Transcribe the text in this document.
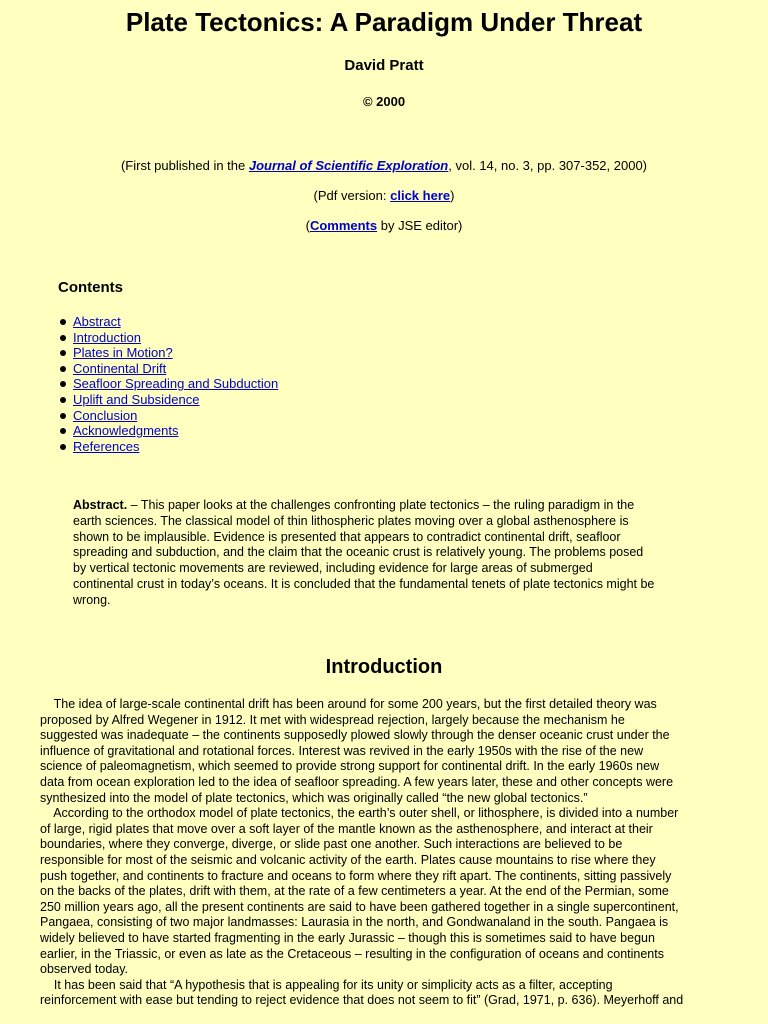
Plate Tectonics: A Paradigm Under Threat
David Pratt
© 2000
(First published in the Journal of Scientific Exploration, vol. 14, no. 3, pp. 307-352, 2000)
(Pdf version: click here)
(Comments by JSE editor)
Contents
Abstract
Introduction
Plates in Motion?
Continental Drift
Seafloor Spreading and Subduction
Uplift and Subsidence
Conclusion
Acknowledgments
References
Abstract. – This paper looks at the challenges confronting plate tectonics – the ruling paradigm in the
earth sciences. The classical model of thin lithospheric plates moving over a global asthenosphere is
shown to be implausible. Evidence is presented that appears to contradict continental drift, seafloor
spreading and subduction, and the claim that the oceanic crust is relatively young. The problems posed
by vertical tectonic movements are reviewed, including evidence for large areas of submerged
continental crust in today’s oceans. It is concluded that the fundamental tenets of plate tectonics might be
wrong.
Introduction
The idea of large-scale continental drift has been around for some 200 years, but the first detailed theory was
proposed by Alfred Wegener in 1912. It met with widespread rejection, largely because the mechanism he
suggested was inadequate – the continents supposedly plowed slowly through the denser oceanic crust under the
influence of gravitational and rotational forces. Interest was revived in the early 1950s with the rise of the new
science of paleomagnetism, which seemed to provide strong support for continental drift. In the early 1960s new
data from ocean exploration led to the idea of seafloor spreading. A few years later, these and other concepts were
synthesized into the model of plate tectonics, which was originally called “the new global tectonics.”
According to the orthodox model of plate tectonics, the earth’s outer shell, or lithosphere, is divided into a number
of large, rigid plates that move over a soft layer of the mantle known as the asthenosphere, and interact at their
boundaries, where they converge, diverge, or slide past one another. Such interactions are believed to be
responsible for most of the seismic and volcanic activity of the earth. Plates cause mountains to rise where they
push together, and continents to fracture and oceans to form where they rift apart. The continents, sitting passively
on the backs of the plates, drift with them, at the rate of a few centimeters a year. At the end of the Permian, some
250 million years ago, all the present continents are said to have been gathered together in a single supercontinent,
Pangaea, consisting of two major landmasses: Laurasia in the north, and Gondwanaland in the south. Pangaea is
widely believed to have started fragmenting in the early Jurassic – though this is sometimes said to have begun
earlier, in the Triassic, or even as late as the Cretaceous – resulting in the configuration of oceans and continents
observed today.
It has been said that “A hypothesis that is appealing for its unity or simplicity acts as a filter, accepting
reinforcement with ease but tending to reject evidence that does not seem to fit” (Grad, 1971, p. 636). Meyerhoff and
